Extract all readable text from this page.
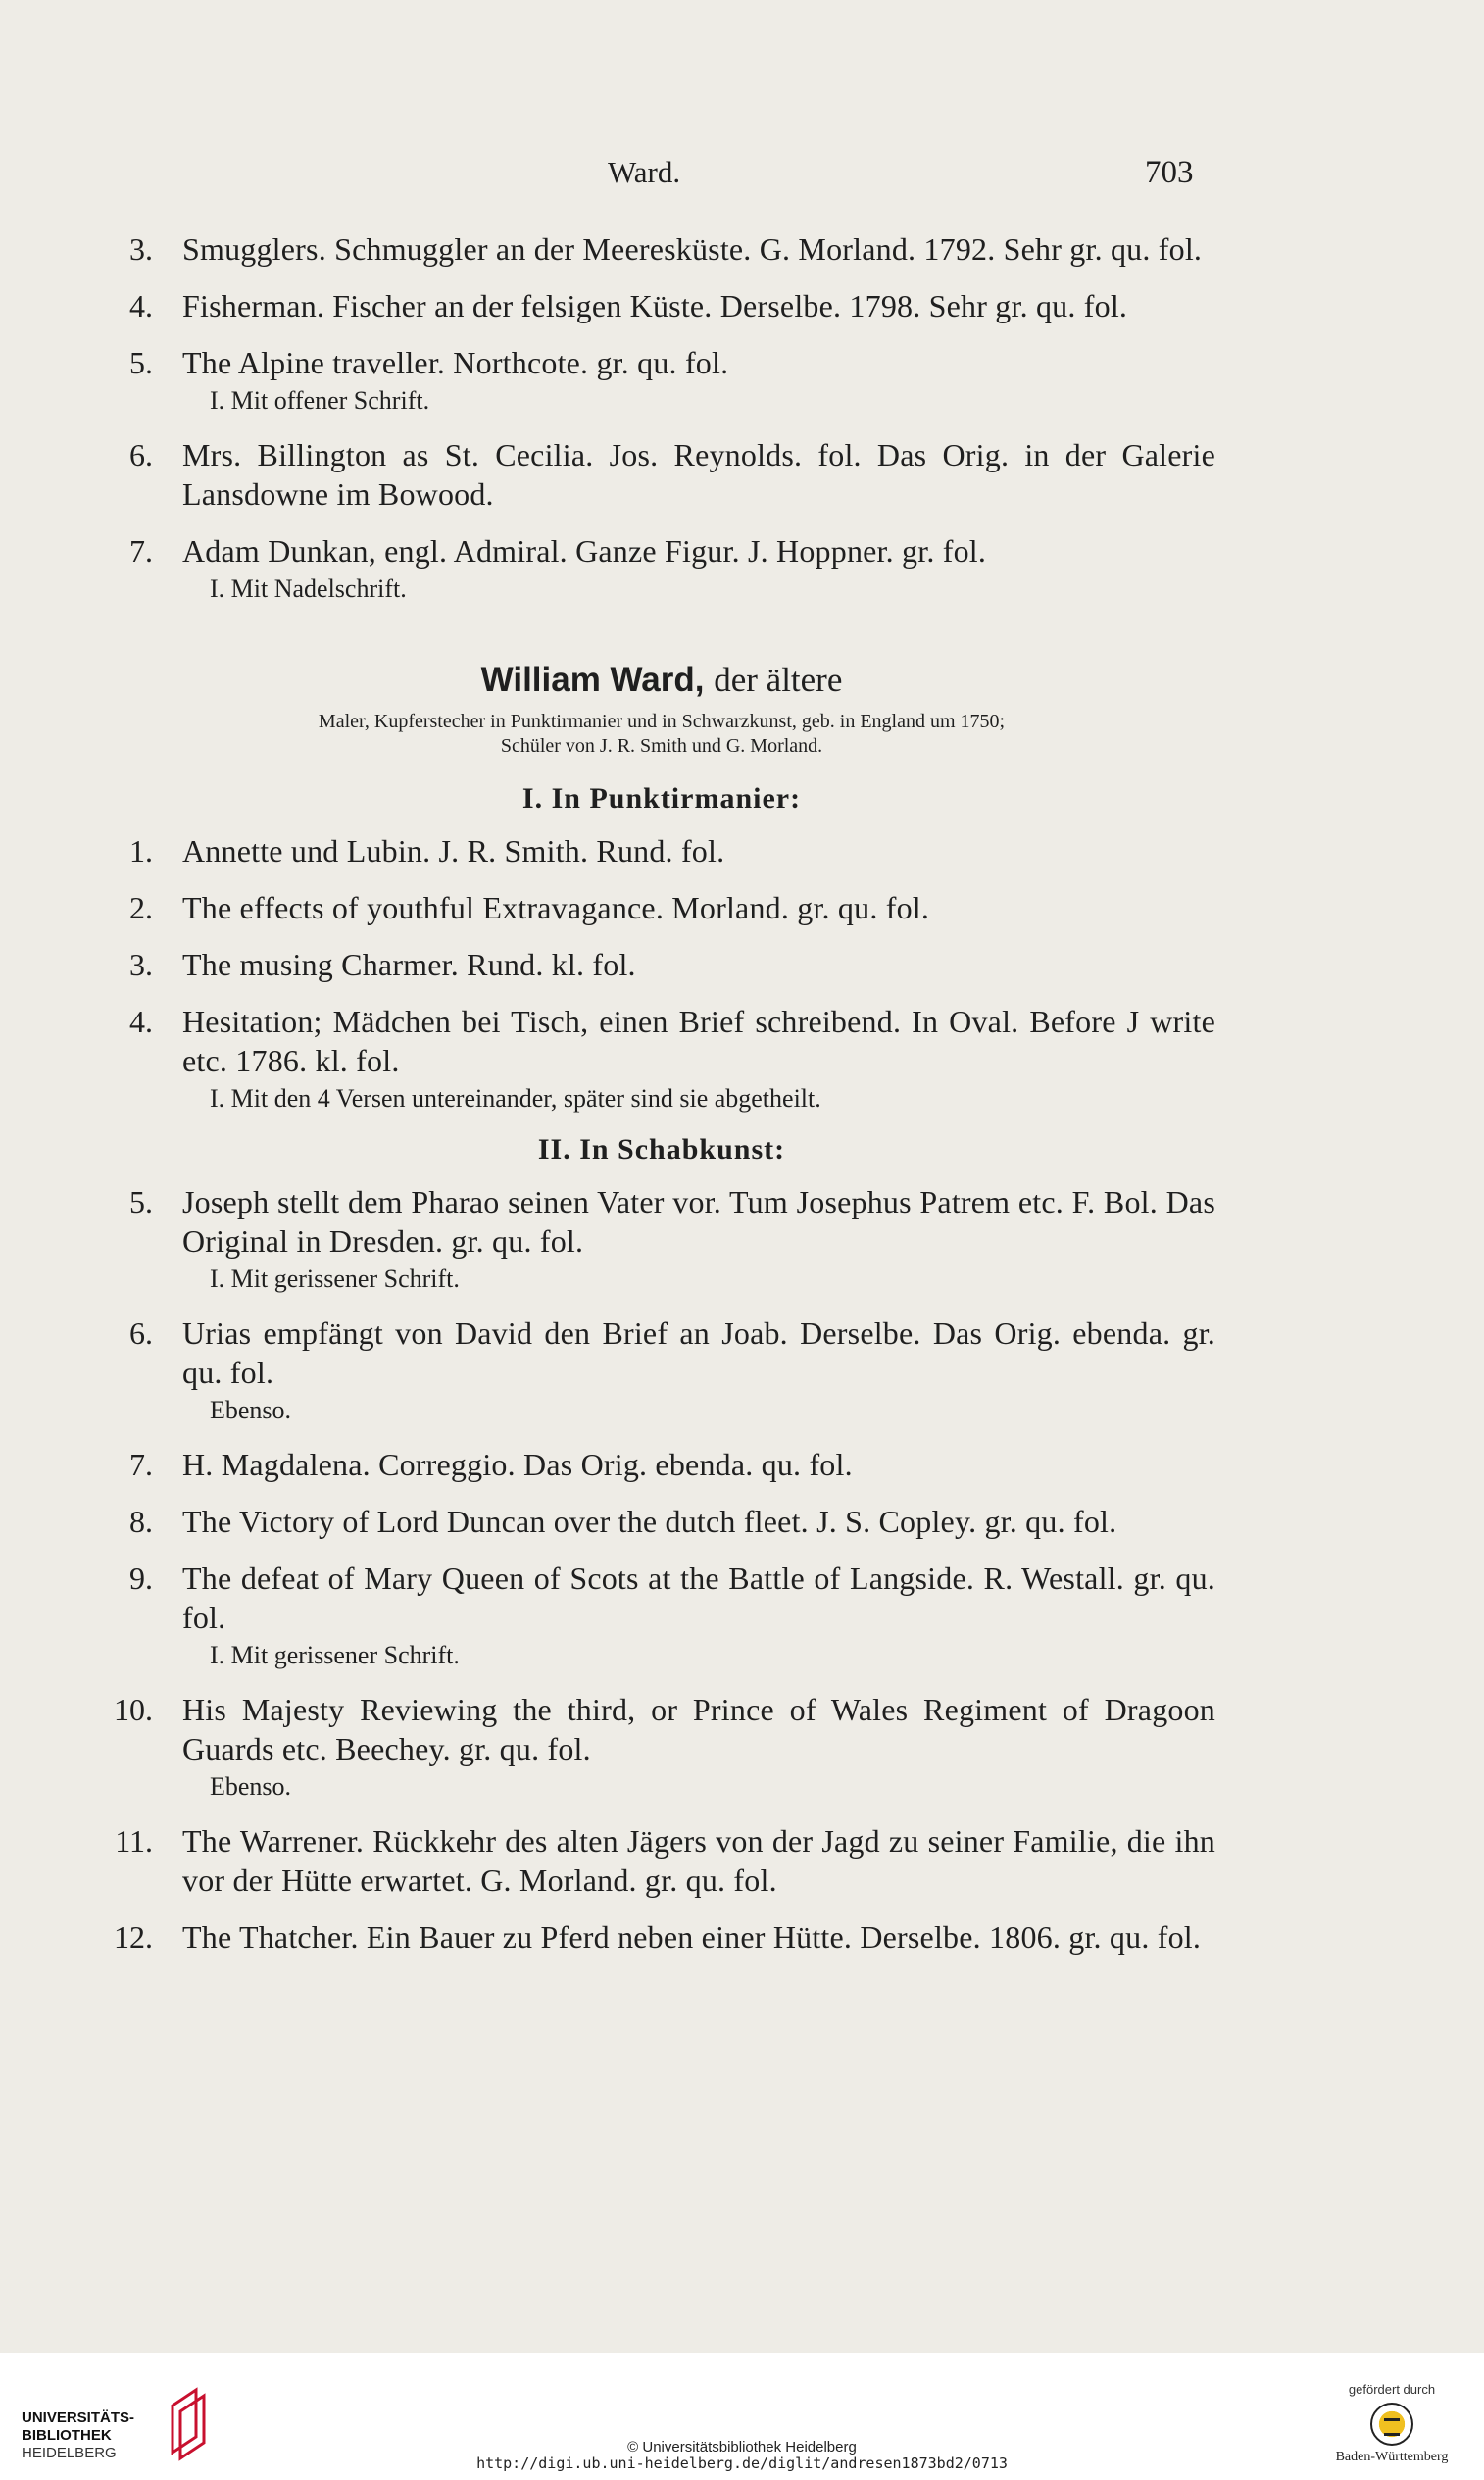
Ward.	703
3. Smugglers. Schmuggler an der Meeresküste. G. Morland. 1792. Sehr gr. qu. fol.
4. Fisherman. Fischer an der felsigen Küste. Derselbe. 1798. Sehr gr. qu. fol.
5. The Alpine traveller. Northcote. gr. qu. fol.
I. Mit offener Schrift.
6. Mrs. Billington as St. Cecilia. Jos. Reynolds. fol. Das Orig. in der Galerie Lansdowne im Bowood.
7. Adam Dunkan, engl. Admiral. Ganze Figur. J. Hoppner. gr. fol.
I. Mit Nadelschrift.
William Ward, der ältere
Maler, Kupferstecher in Punktirmanier und in Schwarzkunst, geb. in England um 1750;
Schüler von J. R. Smith und G. Morland.
I. In Punktirmanier:
1. Annette und Lubin. J. R. Smith. Rund. fol.
2. The effects of youthful Extravagance. Morland. gr. qu. fol.
3. The musing Charmer. Rund. kl. fol.
4. Hesitation; Mädchen bei Tisch, einen Brief schreibend. In Oval. Before J write etc. 1786. kl. fol.
I. Mit den 4 Versen untereinander, später sind sie abgetheilt.
II. In Schabkunst:
5. Joseph stellt dem Pharao seinen Vater vor. Tum Josephus Patrem etc. F. Bol. Das Original in Dresden. gr. qu. fol.
I. Mit gerissener Schrift.
6. Urias empfängt von David den Brief an Joab. Derselbe. Das Orig. ebenda. gr. qu. fol.
Ebenso.
7. H. Magdalena. Correggio. Das Orig. ebenda. qu. fol.
8. The Victory of Lord Duncan over the dutch fleet. J. S. Copley. gr. qu. fol.
9. The defeat of Mary Queen of Scots at the Battle of Langside. R. Westall. gr. qu. fol.
I. Mit gerissener Schrift.
10. His Majesty Reviewing the third, or Prince of Wales Regiment of Dragoon Guards etc. Beechey. gr. qu. fol.
Ebenso.
11. The Warrener. Rückkehr des alten Jägers von der Jagd zu seiner Familie, die ihn vor der Hütte erwartet. G. Morland. gr. qu. fol.
12. The Thatcher. Ein Bauer zu Pferd neben einer Hütte. Derselbe. 1806. gr. qu. fol.
UNIVERSITÄTS-
BIBLIOTHEK
HEIDELBERG	© Universitätsbibliothek Heidelberg
http://digi.ub.uni-heidelberg.de/diglit/andresen1873bd2/0713
gefördert durch
Baden-Württemberg
